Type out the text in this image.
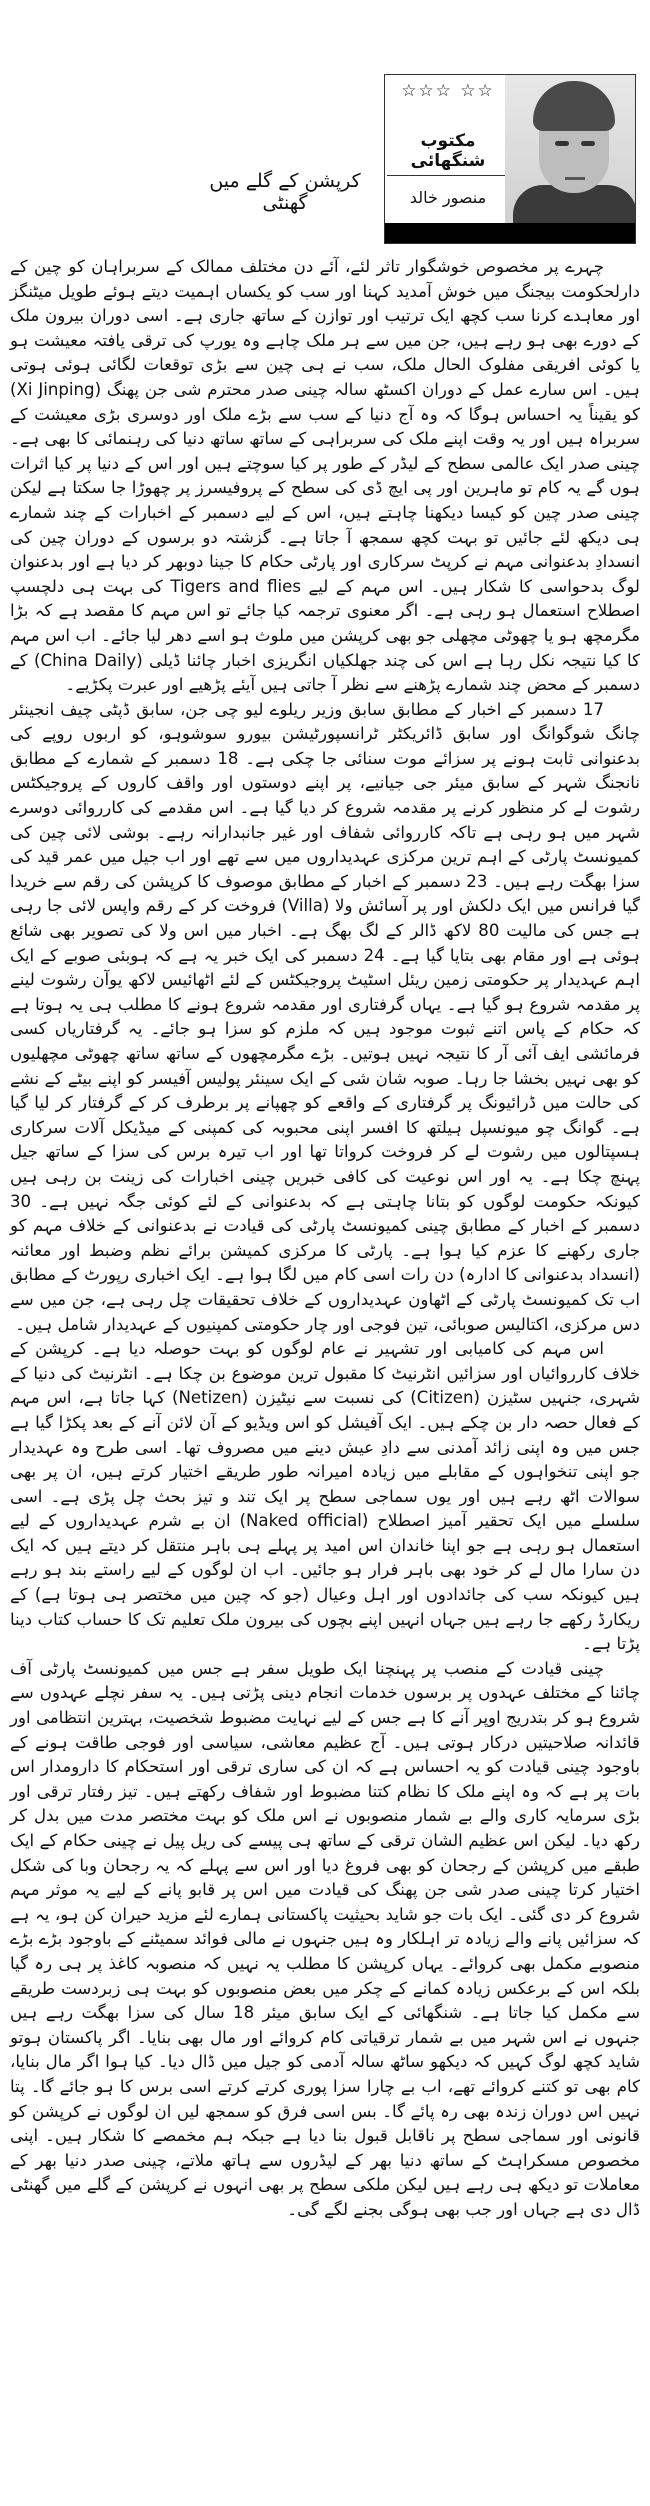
☆☆☆ ☆☆
مکتوب شنگھائی
منصور خالد
کرپشن کے گلے میں گھنٹی

چہرے پر مخصوص خوشگوار تاثر لئے، آئے دن مختلف ممالک کے سربراہان کو چین کے دارلحکومت بیجنگ میں خوش آمدید کہنا اور سب کو یکساں اہمیت دیتے ہوئے طویل میٹنگز اور معاہدے کرنا سب کچھ ایک ترتیب اور توازن کے ساتھ جاری ہے۔ اسی دوران بیرون ملک کے دورے بھی ہو رہے ہیں، جن میں سے ہر ملک چاہے وہ یورپ کی ترقی یافتہ معیشت ہو یا کوئی افریقی مفلوک الحال ملک، سب نے ہی چین سے بڑی توقعات لگائی ہوئی ہوتی ہیں۔ اس سارے عمل کے دوران اکسٹھ سالہ چینی صدر محترم شی جن پھنگ (Xi Jinping) کو یقیناً یہ احساس ہوگا کہ وہ آج دنیا کے سب سے بڑے ملک اور دوسری بڑی معیشت کے سربراہ ہیں اور یہ وقت اپنے ملک کی سربراہی کے ساتھ ساتھ دنیا کی رہنمائی کا بھی ہے۔ چینی صدر ایک عالمی سطح کے لیڈر کے طور پر کیا سوچتے ہیں اور اس کے دنیا پر کیا اثرات ہوں گے یہ کام تو ماہرین اور پی ایچ ڈی کی سطح کے پروفیسرز پر چھوڑا جا سکتا ہے لیکن چینی صدر چین کو کیسا دیکھنا چاہتے ہیں، اس کے لیے دسمبر کے اخبارات کے چند شمارے ہی دیکھ لئے جائیں تو بہت کچھ سمجھ آ جاتا ہے۔ گزشتہ دو برسوں کے دوران چین کی انسدادِ بدعنوانی مہم نے کرپٹ سرکاری اور پارٹی حکام کا جینا دوبھر کر دیا ہے اور بدعنوان لوگ بدحواسی کا شکار ہیں۔ اس مہم کے لیے Tigers and flies کی بہت ہی دلچسپ اصطلاح استعمال ہو رہی ہے۔ اگر معنوی ترجمہ کیا جائے تو اس مہم کا مقصد ہے کہ بڑا مگرمچھ ہو یا چھوٹی مچھلی جو بھی کرپشن میں ملوث ہو اسے دھر لیا جائے۔ اب اس مہم کا کیا نتیجہ نکل رہا ہے اس کی چند جھلکیاں انگریزی اخبار چائنا ڈیلی (China Daily) کے دسمبر کے محض چند شمارے پڑھنے سے نظر آ جاتی ہیں آیئے پڑھیے اور عبرت پکڑیے۔

17 دسمبر کے اخبار کے مطابق سابق وزیر ریلوے لیو چی جن، سابق ڈپٹی چیف انجینئر چانگ شوگوانگ اور سابق ڈائریکٹر ٹرانسپورٹیشن بیورو سوشوہو، کو اربوں روپے کی بدعنوانی ثابت ہونے پر سزائے موت سنائی جا چکی ہے۔ 18 دسمبر کے شمارے کے مطابق نانجنگ شہر کے سابق میئر جی جیانیے، پر اپنے دوستوں اور واقف کاروں کے پروجیکٹس رشوت لے کر منظور کرنے پر مقدمہ شروع کر دیا گیا ہے۔ اس مقدمے کی کارروائی دوسرے شہر میں ہو رہی ہے تاکہ کارروائی شفاف اور غیر جانبدارانہ رہے۔ بوشی لائی چین کی کمیونسٹ پارٹی کے اہم ترین مرکزی عہدیداروں میں سے تھے اور اب جیل میں عمر قید کی سزا بھگت رہے ہیں۔ 23 دسمبر کے اخبار کے مطابق موصوف کا کرپشن کی رقم سے خریدا گیا فرانس میں ایک دلکش اور پر آسائش ولا (Villa) فروخت کر کے رقم واپس لائی جا رہی ہے جس کی مالیت 80 لاکھ ڈالر کے لگ بھگ ہے۔ اخبار میں اس ولا کی تصویر بھی شائع ہوئی ہے اور مقام بھی بتایا گیا ہے۔ 24 دسمبر کی ایک خبر یہ ہے کہ ہوبئی صوبے کے ایک اہم عہدیدار پر حکومتی زمین ریئل اسٹیٹ پروجیکٹس کے لئے اٹھائیس لاکھ یوآن رشوت لینے پر مقدمہ شروع ہو گیا ہے۔ یہاں گرفتاری اور مقدمہ شروع ہونے کا مطلب ہی یہ ہوتا ہے کہ حکام کے پاس اتنے ثبوت موجود ہیں کہ ملزم کو سزا ہو جائے۔ یہ گرفتاریاں کسی فرمائشی ایف آئی آر کا نتیجہ نہیں ہوتیں۔ بڑے مگرمچھوں کے ساتھ ساتھ چھوٹی مچھلیوں کو بھی نہیں بخشا جا رہا۔ صوبہ شان شی کے ایک سینئر پولیس آفیسر کو اپنے بیٹے کے نشے کی حالت میں ڈرائیونگ پر گرفتاری کے واقعے کو چھپانے پر برطرف کر کے گرفتار کر لیا گیا ہے۔ گوانگ چو میونسپل ہیلتھ کا افسر اپنی محبوبہ کی کمپنی کے میڈیکل آلات سرکاری ہسپتالوں میں رشوت لے کر فروخت کرواتا تھا اور اب تیرہ برس کی سزا کے ساتھ جیل پہنچ چکا ہے۔ یہ اور اس نوعیت کی کافی خبریں چینی اخبارات کی زینت بن رہی ہیں کیونکہ حکومت لوگوں کو بتانا چاہتی ہے کہ بدعنوانی کے لئے کوئی جگہ نہیں ہے۔ 30 دسمبر کے اخبار کے مطابق چینی کمیونسٹ پارٹی کی قیادت نے بدعنوانی کے خلاف مہم کو جاری رکھنے کا عزم کیا ہوا ہے۔ پارٹی کا مرکزی کمیشن برائے نظم وضبط اور معائنہ (انسداد بدعنوانی کا ادارہ) دن رات اسی کام میں لگا ہوا ہے۔ ایک اخباری رپورٹ کے مطابق اب تک کمیونسٹ پارٹی کے اٹھاون عہدیداروں کے خلاف تحقیقات چل رہی ہے، جن میں سے دس مرکزی، اکتالیس صوبائی، تین فوجی اور چار حکومتی کمپنیوں کے عہدیدار شامل ہیں۔

اس مہم کی کامیابی اور تشہیر نے عام لوگوں کو بہت حوصلہ دیا ہے۔ کرپشن کے خلاف کارروائیاں اور سزائیں انٹرنیٹ کا مقبول ترین موضوع بن چکا ہے۔ انٹرنیٹ کی دنیا کے شہری، جنہیں سٹیزن (Citizen) کی نسبت سے نیٹیزن (Netizen) کہا جاتا ہے، اس مہم کے فعال حصہ دار بن چکے ہیں۔ ایک آفیشل کو اس ویڈیو کے آن لائن آنے کے بعد پکڑا گیا ہے جس میں وہ اپنی زائد آمدنی سے دادِ عیش دینے میں مصروف تھا۔ اسی طرح وہ عہدیدار جو اپنی تنخواہوں کے مقابلے میں زیادہ امیرانہ طور طریقے اختیار کرتے ہیں، ان پر بھی سوالات اٹھ رہے ہیں اور یوں سماجی سطح پر ایک تند و تیز بحث چل پڑی ہے۔ اسی سلسلے میں ایک تحقیر آمیز اصطلاح (Naked official) ان بے شرم عہدیداروں کے لیے استعمال ہو رہی ہے جو اپنا خاندان اس امید پر پہلے ہی باہر منتقل کر دیتے ہیں کہ ایک دن سارا مال لے کر خود بھی باہر فرار ہو جائیں۔ اب ان لوگوں کے لیے راستے بند ہو رہے ہیں کیونکہ سب کی جائدادوں اور اہل وعیال (جو کہ چین میں مختصر ہی ہوتا ہے) کے ریکارڈ رکھے جا رہے ہیں جہاں انہیں اپنے بچوں کی بیرون ملک تعلیم تک کا حساب کتاب دینا پڑتا ہے۔

چینی قیادت کے منصب پر پہنچنا ایک طویل سفر ہے جس میں کمیونسٹ پارٹی آف چائنا کے مختلف عہدوں پر برسوں خدمات انجام دینی پڑتی ہیں۔ یہ سفر نچلے عہدوں سے شروع ہو کر بتدریج اوپر آنے کا ہے جس کے لیے نہایت مضبوط شخصیت، بہترین انتظامی اور قائدانہ صلاحیتیں درکار ہوتی ہیں۔ آج عظیم معاشی، سیاسی اور فوجی طاقت ہونے کے باوجود چینی قیادت کو یہ احساس ہے کہ ان کی ساری ترقی اور استحکام کا دارومدار اس بات پر ہے کہ وہ اپنے ملک کا نظام کتنا مضبوط اور شفاف رکھتے ہیں۔ تیز رفتار ترقی اور بڑی سرمایہ کاری والے بے شمار منصوبوں نے اس ملک کو بہت مختصر مدت میں بدل کر رکھ دیا۔ لیکن اس عظیم الشان ترقی کے ساتھ ہی پیسے کی ریل پیل نے چینی حکام کے ایک طبقے میں کرپشن کے رجحان کو بھی فروغ دیا اور اس سے پہلے کہ یہ رجحان وبا کی شکل اختیار کرتا چینی صدر شی جن پھنگ کی قیادت میں اس پر قابو پانے کے لیے یہ موثر مہم شروع کر دی گئی۔ ایک بات جو شاید بحیثیت پاکستانی ہمارے لئے مزید حیران کن ہو، یہ ہے کہ سزائیں پانے والے زیادہ تر اہلکار وہ ہیں جنہوں نے مالی فوائد سمیٹنے کے باوجود بڑے بڑے منصوبے مکمل بھی کروائے۔ یہاں کرپشن کا مطلب یہ نہیں کہ منصوبہ کاغذ پر ہی رہ گیا بلکہ اس کے برعکس زیادہ کمانے کے چکر میں بعض منصوبوں کو بہت ہی زبردست طریقے سے مکمل کیا جاتا ہے۔ شنگھائی کے ایک سابق میئر 18 سال کی سزا بھگت رہے ہیں جنہوں نے اس شہر میں بے شمار ترقیاتی کام کروائے اور مال بھی بنایا۔ اگر پاکستان ہوتو شاید کچھ لوگ کہیں کہ دیکھو ساٹھ سالہ آدمی کو جیل میں ڈال دیا۔ کیا ہوا اگر مال بنایا، کام بھی تو کتنے کروائے تھے، اب بے چارا سزا پوری کرتے کرتے اسی برس کا ہو جائے گا۔ پتا نہیں اس دوران زندہ بھی رہ پائے گا۔ بس اسی فرق کو سمجھ لیں ان لوگوں نے کرپشن کو قانونی اور سماجی سطح پر ناقابل قبول بنا دیا ہے جبکہ ہم مخمصے کا شکار ہیں۔ اپنی مخصوص مسکراہٹ کے ساتھ دنیا بھر کے لیڈروں سے ہاتھ ملاتے، چینی صدر دنیا بھر کے معاملات تو دیکھ ہی رہے ہیں لیکن ملکی سطح پر بھی انہوں نے کرپشن کے گلے میں گھنٹی ڈال دی ہے جہاں اور جب بھی ہوگی بجنے لگے گی۔
